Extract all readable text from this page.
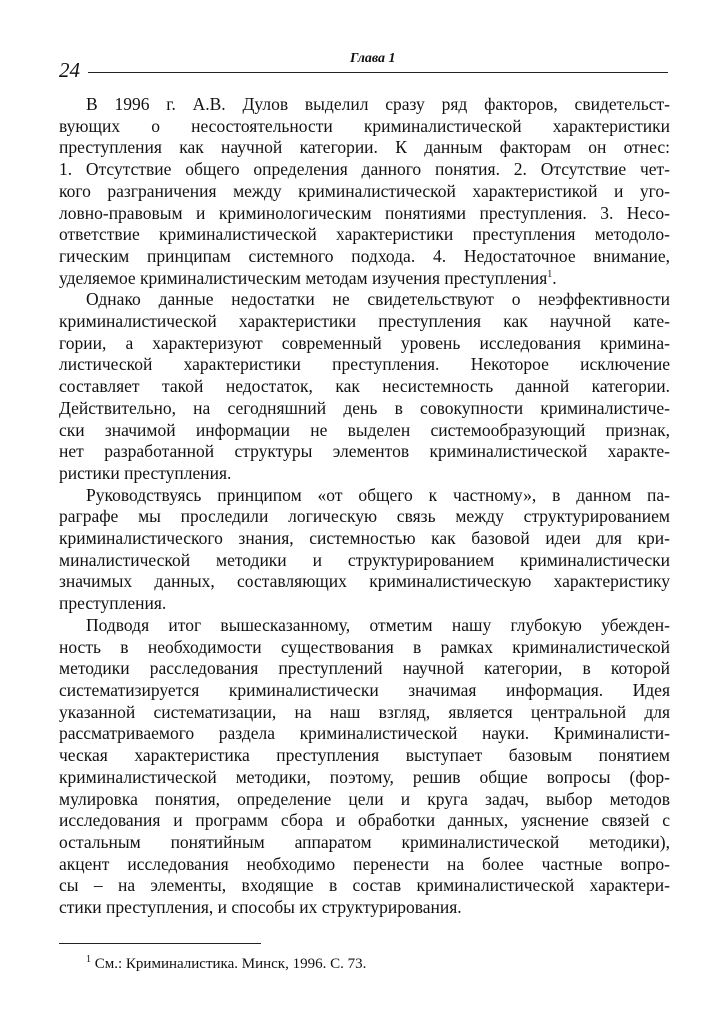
24	Глава 1
В 1996 г. А.В. Дулов выделил сразу ряд факторов, свидетельст-
вующих о несостоятельности криминалистической характеристики
преступления как научной категории. К данным факторам он отнес:
1. Отсутствие общего определения данного понятия. 2. Отсутствие чет-
кого разграничения между криминалистической характеристикой и уго-
ловно-правовым и криминологическим понятиями преступления. 3. Несо-
ответствие криминалистической характеристики преступления методоло-
гическим принципам системного подхода. 4. Недостаточное внимание,
уделяемое криминалистическим методам изучения преступления$^1$.
Однако данные недостатки не свидетельствуют о неэффективности
криминалистической характеристики преступления как научной кате-
гории, а характеризуют современный уровень исследования кримина-
листической характеристики преступления. Некоторое исключение
составляет такой недостаток, как несистемность данной категории.
Действительно, на сегодняшний день в совокупности криминалистиче-
ски значимой информации не выделен системообразующий признак,
нет разработанной структуры элементов криминалистической характе-
ристики преступления.
Руководствуясь принципом «от общего к частному», в данном па-
раграфе мы проследили логическую связь между структурированием
криминалистического знания, системностью как базовой идеи для кри-
миналистической методики и структурированием криминалистически
значимых данных, составляющих криминалистическую характеристику
преступления.
Подводя итог вышесказанному, отметим нашу глубокую убежден-
ность в необходимости существования в рамках криминалистической
методики расследования преступлений научной категории, в которой
систематизируется криминалистически значимая информация. Идея
указанной систематизации, на наш взгляд, является центральной для
рассматриваемого раздела криминалистической науки. Криминалисти-
ческая характеристика преступления выступает базовым понятием
криминалистической методики, поэтому, решив общие вопросы (фор-
мулировка понятия, определение цели и круга задач, выбор методов
исследования и программ сбора и обработки данных, уяснение связей с
остальным понятийным аппаратом криминалистической методики),
акцент исследования необходимо перенести на более частные вопро-
сы – на элементы, входящие в состав криминалистической характери-
стики преступления, и способы их структурирования.
$^1$ См.: Криминалистика. Минск, 1996. С. 73.
